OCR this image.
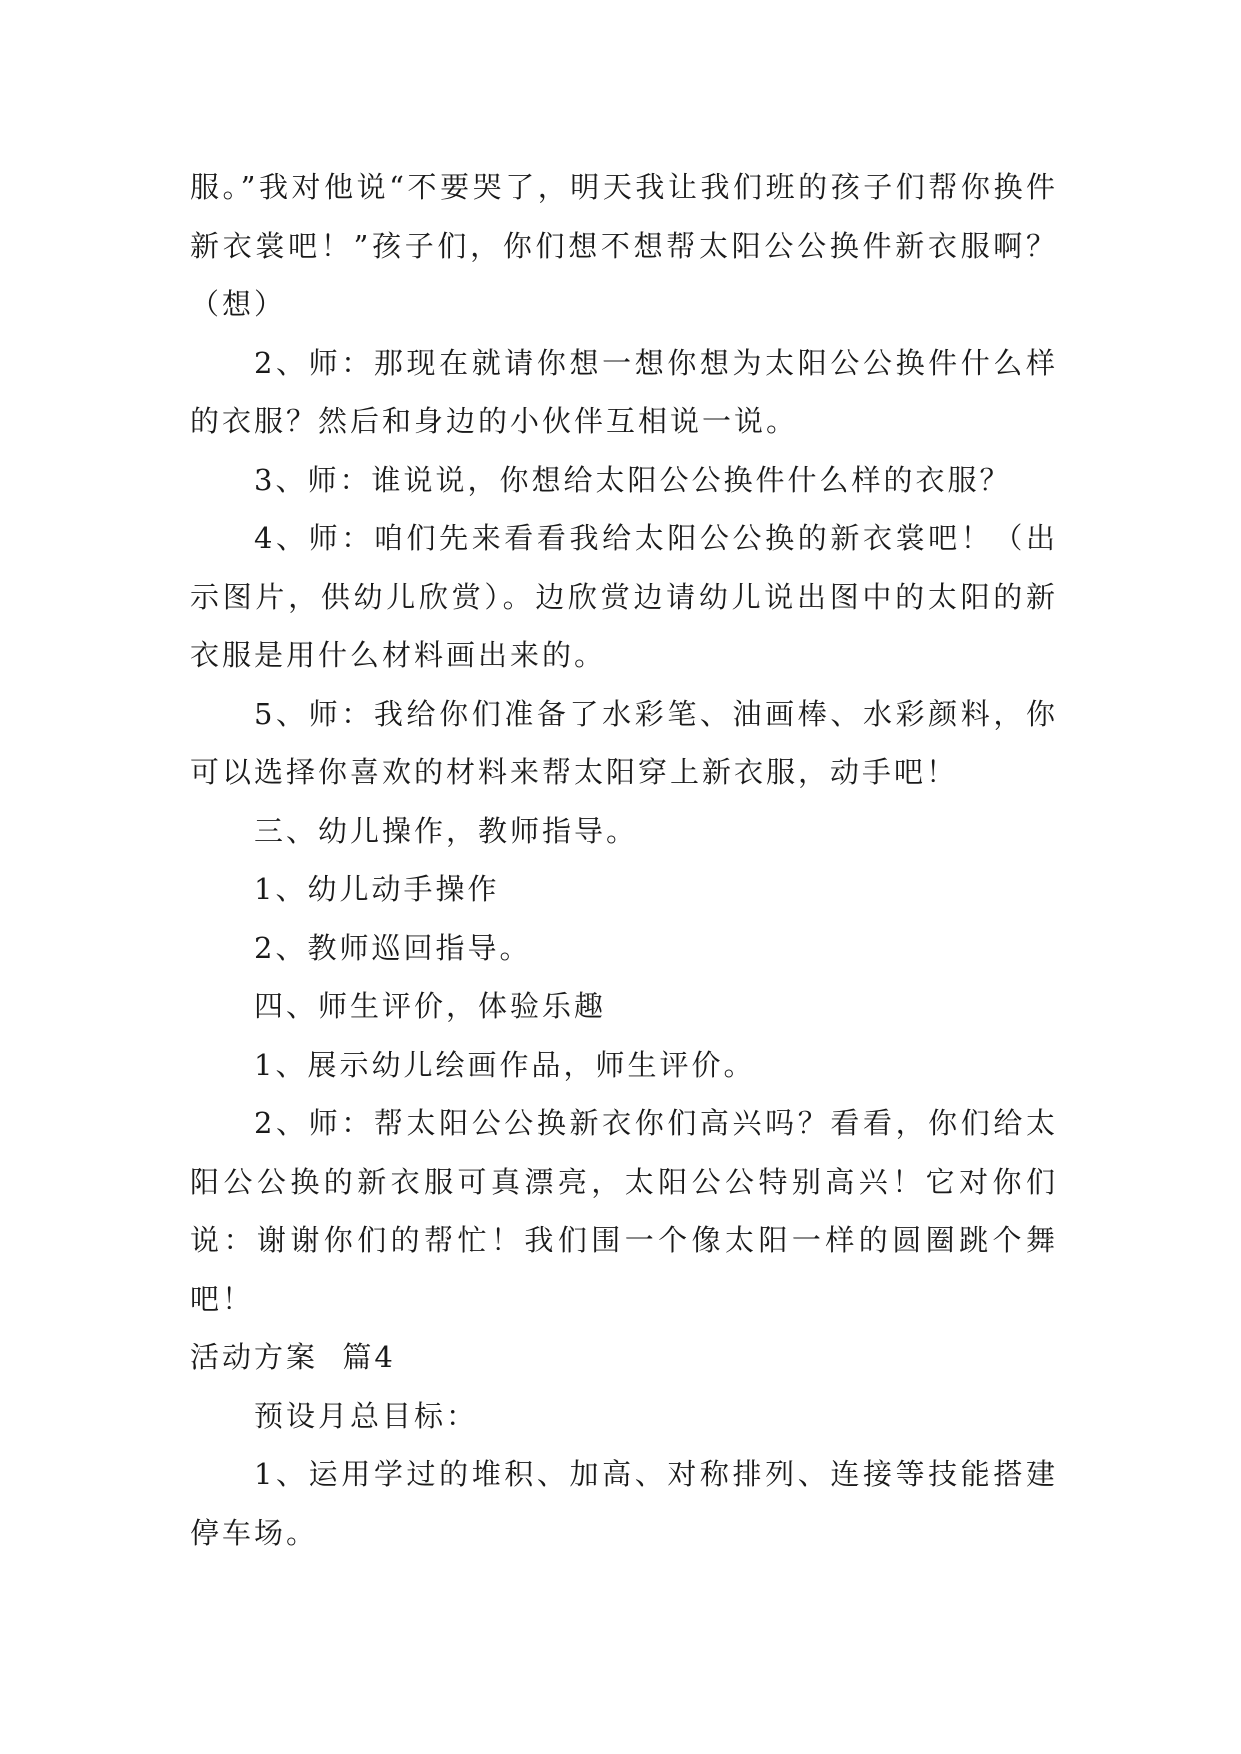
服。”我对他说“不要哭了，明天我让我们班的孩子们帮你换件新衣裳吧！”孩子们，你们想不想帮太阳公公换件新衣服啊？（想）

2、师：那现在就请你想一想你想为太阳公公换件什么样的衣服？然后和身边的小伙伴互相说一说。

3、师：谁说说，你想给太阳公公换件什么样的衣服？

4、师：咱们先来看看我给太阳公公换的新衣裳吧！（出示图片，供幼儿欣赏）。边欣赏边请幼儿说出图中的太阳的新衣服是用什么材料画出来的。

5、师：我给你们准备了水彩笔、油画棒、水彩颜料，你可以选择你喜欢的材料来帮太阳穿上新衣服，动手吧！

三、幼儿操作，教师指导。

1、幼儿动手操作

2、教师巡回指导。

四、师生评价，体验乐趣

1、展示幼儿绘画作品，师生评价。

2、师：帮太阳公公换新衣你们高兴吗？看看，你们给太阳公公换的新衣服可真漂亮，太阳公公特别高兴！它对你们说：谢谢你们的帮忙！我们围一个像太阳一样的圆圈跳个舞吧！

活动方案  篇4

预设月总目标：

1、运用学过的堆积、加高、对称排列、连接等技能搭建停车场。
